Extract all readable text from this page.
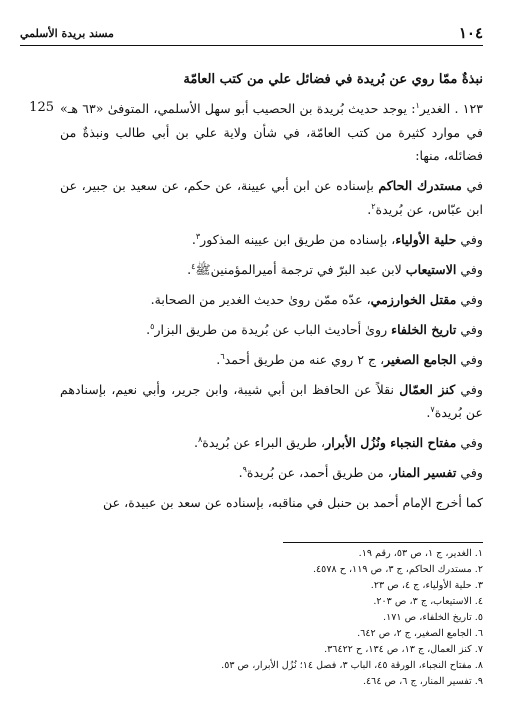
١٠٤
مسند بريدة الأسلمي
نبذةٌ ممّا روي عن بُريدة في فضائل علي من كتب العامّة
125	١٢٣ . الغدير$^١$: يوجد حديث بُريدة بن الحصيب أبو سهل الأسلمي، المتوفىٰ «٦٣ هـ» في موارد كثيرة من كتب العامّة، في شأن ولاية علي بن أبي طالب ونبذةٌ من فضائله، منها:

في مستدرك الحاكم بإسناده عن ابن أبي عيينة، عن حكم، عن سعيد بن جبير، عن ابن عبّاس، عن بُريدة$^٢$.

وفي حلية الأولياء، بإسناده من طريق ابن عيينه المذكور$^٣$.

وفي الاستيعاب لابن عبد البرّ في ترجمة أميرالمؤمنينﷺ$^٤$.

وفي مقتل الخوارزمي، عدّه ممّن روىٰ حديث الغدير من الصحابة.

وفي تاريخ الخلفاء روىٰ أحاديث الباب عن بُريدة من طريق البزار$^٥$.

وفي الجامع الصغير، ج ٢ روي عنه من طريق أحمد$^٦$.

وفي كنز العمّال نقلاً عن الحافظ ابن أبي شيبة، وابن جرير، وأبي نعيم، بإسنادهم عن بُريدة$^٧$.

وفي مفتاح النجباء ونُزُل الأبرار، طريق البراء عن بُريدة$^٨$.

وفي تفسير المنار، من طريق أحمد، عن بُريدة$^٩$.

كما أخرج الإمام أحمد بن حنبل في مناقبه، بإسناده عن سعد بن عبيدة، عن

١. الغدير، ج ١، ص ٥٣، رقم ١٩.
٢. مستدرك الحاكم، ج ٣، ص ١١٩، ح ٤٥٧٨.
٣. حلية الأولياء، ج ٤، ص ٢٣.
٤. الاستيعاب، ج ٣، ص ٢٠٣.
٥. تاريخ الخلفاء، ص ١٧١.
٦. الجامع الصغير، ج ٢، ص ٦٤٢.
٧. كنز العمال، ج ١٣، ص ١٣٤، ح ٣٦٤٢٢.
٨. مفتاح النجباء، الورقة ٤٥، الباب ٣، فصل ١٤؛ نُزُل الأبرار، ص ٥٣.
٩. تفسير المنار، ج ٦، ص ٤٦٤.
